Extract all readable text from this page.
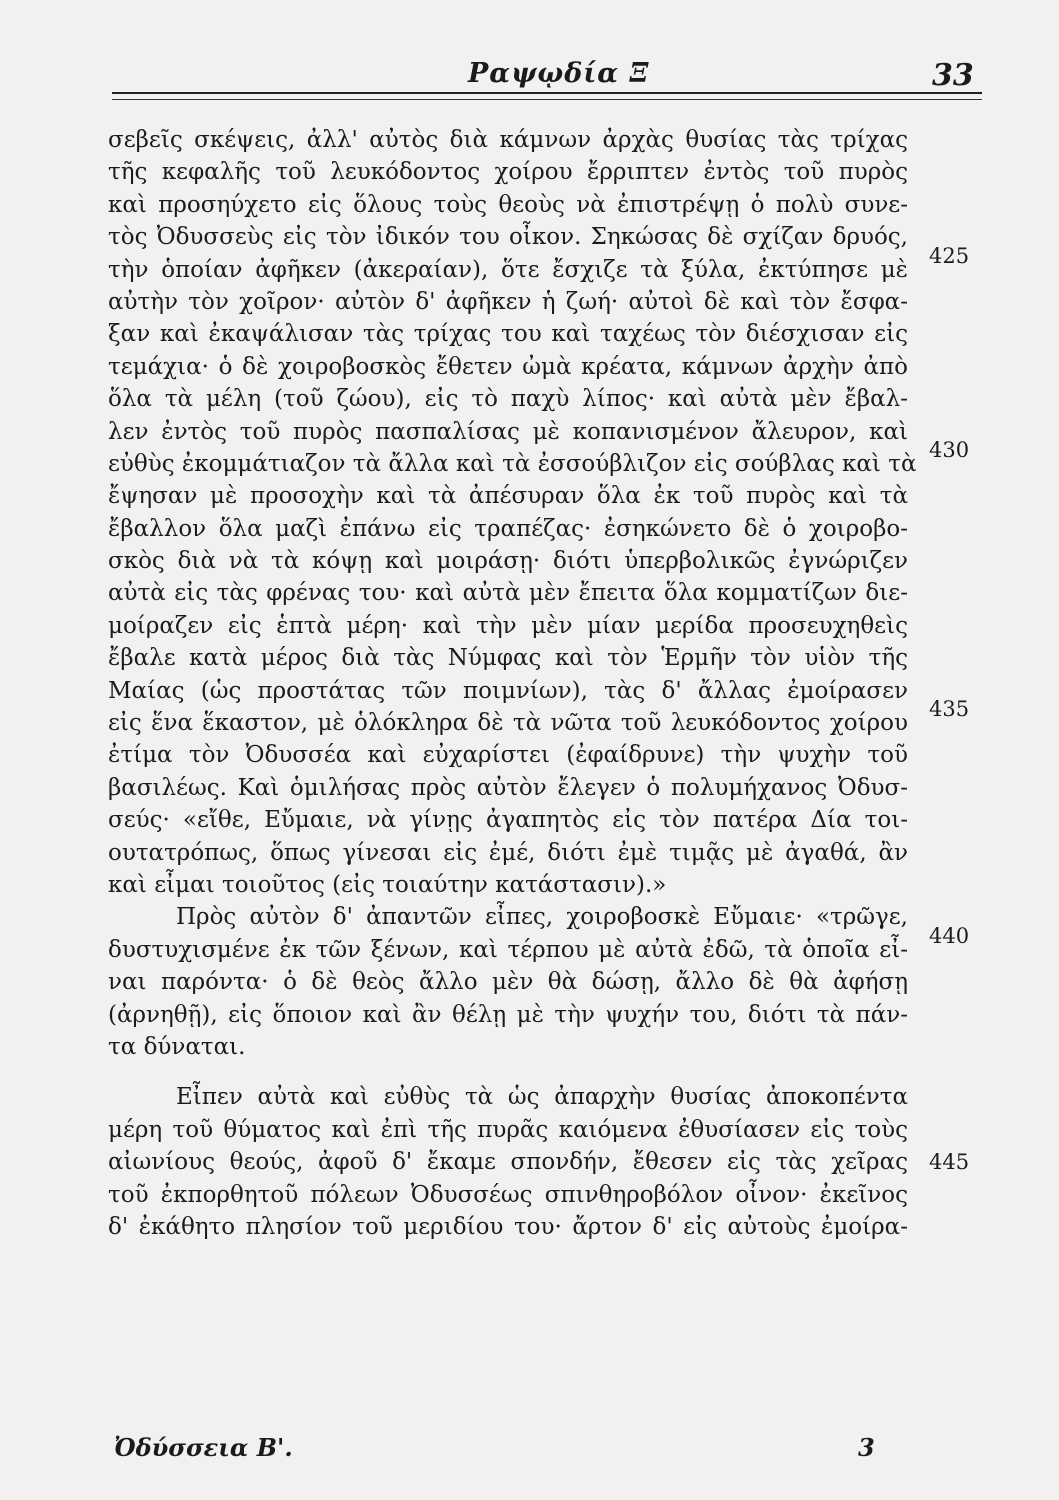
Ραψῳδία Ξ	33
σεβεῖς σκέψεις, ἀλλ' αὐτὸς διὰ κάμνων ἀρχὰς θυσίας τὰς τρίχας
τῆς κεφαλῆς τοῦ λευκόδοντος χοίρου ἔρριπτεν ἐντὸς τοῦ πυρὸς
καὶ προσηύχετο εἰς ὅλους τοὺς θεοὺς νὰ ἐπιστρέψῃ ὁ πολὺ συνε-
τὸς Ὀδυσσεὺς εἰς τὸν ἰδικόν του οἶκον. Σηκώσας δὲ σχίζαν δρυός,
τὴν ὁποίαν ἀφῆκεν (ἀκεραίαν), ὅτε ἔσχιζε τὰ ξύλα, ἐκτύπησε μὲ
αὐτὴν τὸν χοῖρον· αὐτὸν δ' ἀφῆκεν ἡ ζωή· αὐτοὶ δὲ καὶ τὸν ἔσφα-
ξαν καὶ ἐκαψάλισαν τὰς τρίχας του καὶ ταχέως τὸν διέσχισαν εἰς
τεμάχια· ὁ δὲ χοιροβοσκὸς ἔθετεν ὠμὰ κρέατα, κάμνων ἀρχὴν ἀπὸ
ὅλα τὰ μέλη (τοῦ ζώου), εἰς τὸ παχὺ λίπος· καὶ αὐτὰ μὲν ἔβαλ-
λεν ἐντὸς τοῦ πυρὸς πασπαλίσας μὲ κοπανισμένον ἄλευρον, καὶ
εὐθὺς ἐκομμάτιαζον τὰ ἄλλα καὶ τὰ ἐσσούβλιζον εἰς σούβλας καὶ τὰ
ἔψησαν μὲ προσοχὴν καὶ τὰ ἀπέσυραν ὅλα ἐκ τοῦ πυρὸς καὶ τὰ
ἔβαλλον ὅλα μαζὶ ἐπάνω εἰς τραπέζας· ἐσηκώνετο δὲ ὁ χοιροβο-
σκὸς διὰ νὰ τὰ κόψῃ καὶ μοιράσῃ· διότι ὑπερβολικῶς ἐγνώριζεν
αὐτὰ εἰς τὰς φρένας του· καὶ αὐτὰ μὲν ἔπειτα ὅλα κομματίζων διε-
μοίραζεν εἰς ἑπτὰ μέρη· καὶ τὴν μὲν μίαν μερίδα προσευχηθεὶς
ἔβαλε κατὰ μέρος διὰ τὰς Νύμφας καὶ τὸν Ἑρμῆν τὸν υἱὸν τῆς
Μαίας (ὡς προστάτας τῶν ποιμνίων), τὰς δ' ἄλλας ἐμοίρασεν
εἰς ἕνα ἕκαστον, μὲ ὁλόκληρα δὲ τὰ νῶτα τοῦ λευκόδοντος χοίρου
ἐτίμα τὸν Ὀδυσσέα καὶ εὐχαρίστει (ἐφαίδρυνε) τὴν ψυχὴν τοῦ
βασιλέως. Καὶ ὁμιλήσας πρὸς αὐτὸν ἔλεγεν ὁ πολυμήχανος Ὀδυσ-
σεύς· «εἴθε, Εὔμαιε, νὰ γίνῃς ἀγαπητὸς εἰς τὸν πατέρα Δία τοι-
ουτατρόπως, ὅπως γίνεσαι εἰς ἐμέ, διότι ἐμὲ τιμᾷς μὲ ἀγαθά, ἂν
καὶ εἶμαι τοιοῦτος (εἰς τοιαύτην κατάστασιν).»
Πρὸς αὐτὸν δ' ἀπαντῶν εἶπες, χοιροβοσκὲ Εὔμαιε· «τρῶγε,
δυστυχισμένε ἐκ τῶν ξένων, καὶ τέρπου μὲ αὐτὰ ἐδῶ, τὰ ὁποῖα εἶ-
ναι παρόντα· ὁ δὲ θεὸς ἄλλο μὲν θὰ δώσῃ, ἄλλο δὲ θὰ ἀφήσῃ
(ἀρνηθῇ), εἰς ὅποιον καὶ ἂν θέλῃ μὲ τὴν ψυχήν του, διότι τὰ πάν-
τα δύναται.
Εἶπεν αὐτὰ καὶ εὐθὺς τὰ ὡς ἀπαρχὴν θυσίας ἀποκοπέντα
μέρη τοῦ θύματος καὶ ἐπὶ τῆς πυρᾶς καιόμενα ἐθυσίασεν εἰς τοὺς
αἰωνίους θεούς, ἀφοῦ δ' ἔκαμε σπονδήν, ἔθεσεν εἰς τὰς χεῖρας
τοῦ ἐκπορθητοῦ πόλεων Ὀδυσσέως σπινθηροβόλον οἶνον· ἐκεῖνος
δ' ἐκάθητο πλησίον τοῦ μεριδίου του· ἄρτον δ' εἰς αὐτοὺς ἐμοίρα-
425
430
435
440
445
Ὀδύσσεια Β'.	3
